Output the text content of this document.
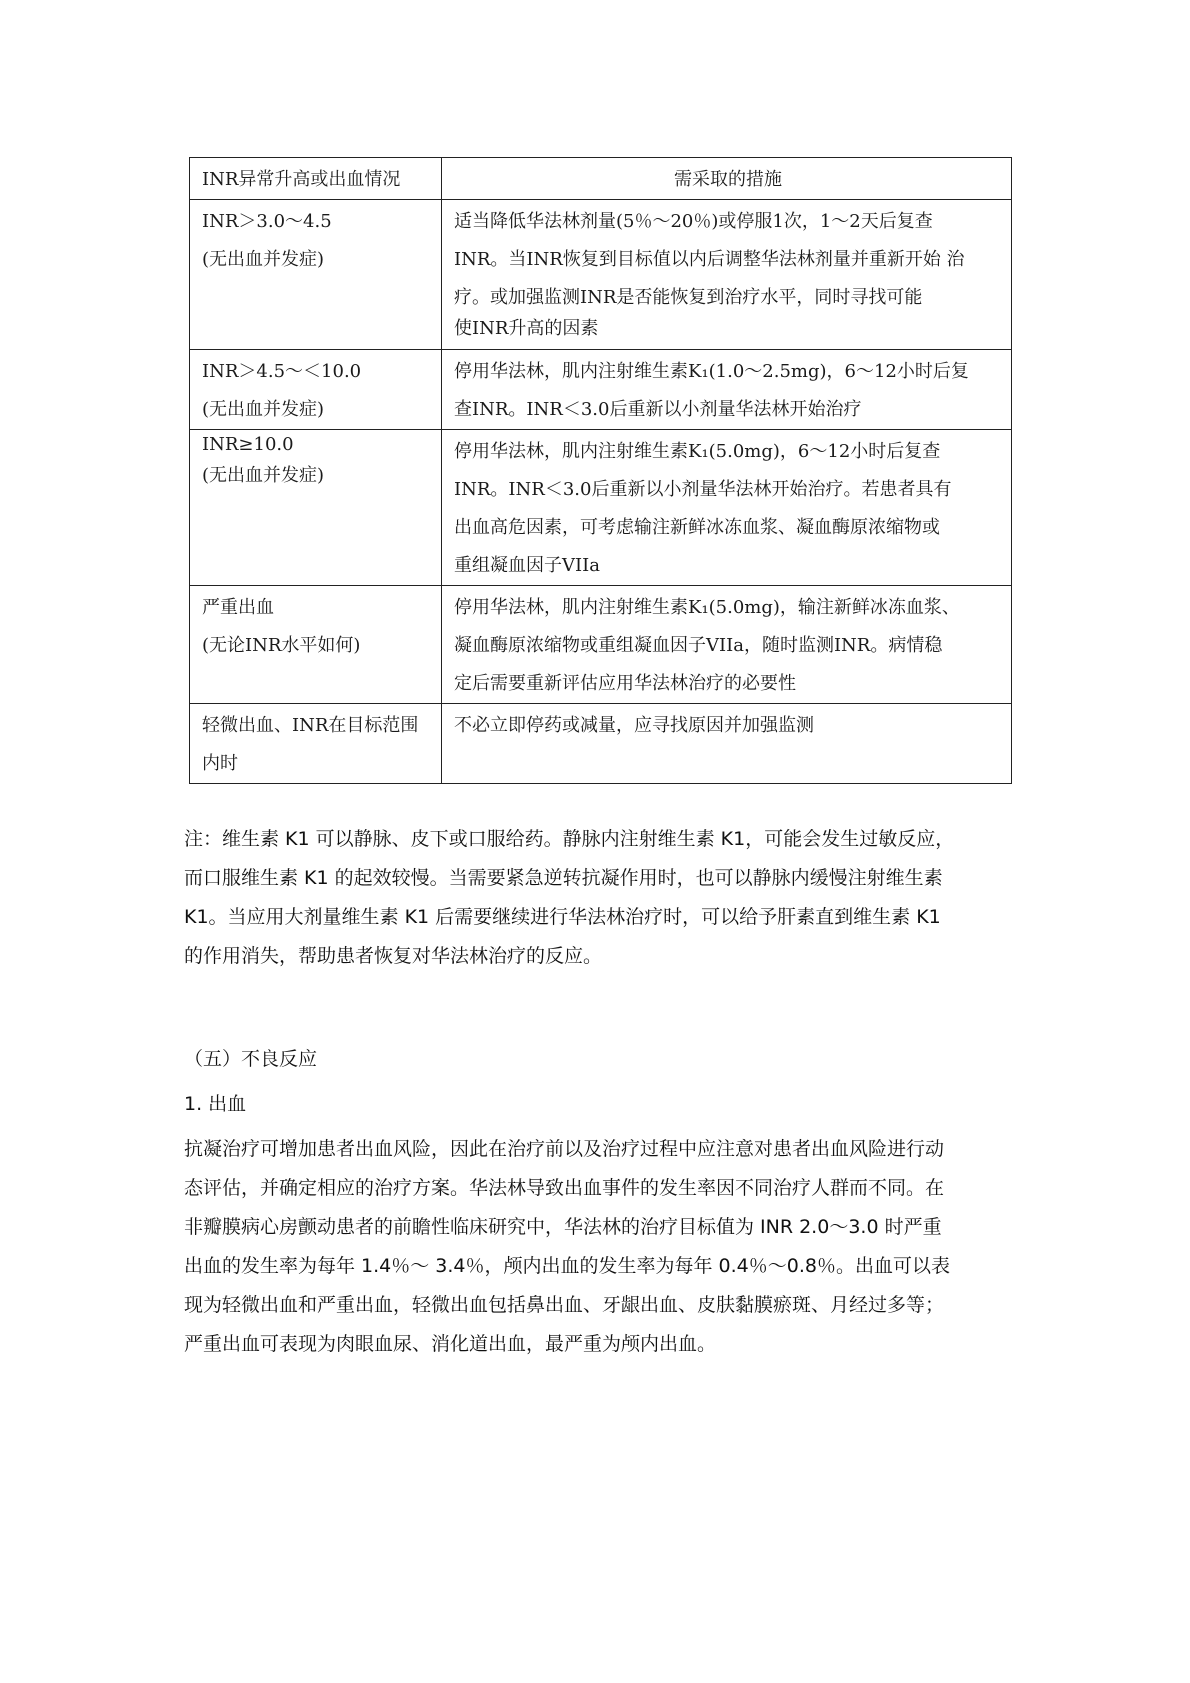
INR异常升高或出血情况	需采取的措施

INR＞3.0～4.5
(无出血并发症)	适当降低华法林剂量(5％～20％)或停服1次，1～2天后复查
INR。当INR恢复到目标值以内后调整华法林剂量并重新开始 治
疗。或加强监测INR是否能恢复到治疗水平，同时寻找可能
使INR升高的因素

INR＞4.5～＜10.0
(无出血并发症)	停用华法林，肌内注射维生素K₁(1.0～2.5mg)，6～12小时后复
查INR。INR＜3.0后重新以小剂量华法林开始治疗

INR≥10.0
(无出血并发症)	停用华法林，肌内注射维生素K₁(5.0mg)，6～12小时后复查
INR。INR＜3.0后重新以小剂量华法林开始治疗。若患者具有
出血高危因素，可考虑输注新鲜冰冻血浆、凝血酶原浓缩物或
重组凝血因子VIIa

严重出血
(无论INR水平如何)	停用华法林，肌内注射维生素K₁(5.0mg)，输注新鲜冰冻血浆、
凝血酶原浓缩物或重组凝血因子VIIa，随时监测INR。病情稳
定后需要重新评估应用华法林治疗的必要性

轻微出血、INR在目标范围
内时	不必立即停药或减量，应寻找原因并加强监测
注：维生素 K1 可以静脉、皮下或口服给药。静脉内注射维生素 K1，可能会发生过敏反应，
而口服维生素 K1 的起效较慢。当需要紧急逆转抗凝作用时，也可以静脉内缓慢注射维生素
K1。当应用大剂量维生素 K1 后需要继续进行华法林治疗时，可以给予肝素直到维生素 K1
的作用消失，帮助患者恢复对华法林治疗的反应。
（五）不良反应
1. 出血
抗凝治疗可增加患者出血风险，因此在治疗前以及治疗过程中应注意对患者出血风险进行动
态评估，并确定相应的治疗方案。华法林导致出血事件的发生率因不同治疗人群而不同。在
非瓣膜病心房颤动患者的前瞻性临床研究中，华法林的治疗目标值为 INR 2.0～3.0 时严重
出血的发生率为每年 1.4％～ 3.4％，颅内出血的发生率为每年 0.4％～0.8％。出血可以表
现为轻微出血和严重出血，轻微出血包括鼻出血、牙龈出血、皮肤黏膜瘀斑、月经过多等；
严重出血可表现为肉眼血尿、消化道出血，最严重为颅内出血。
